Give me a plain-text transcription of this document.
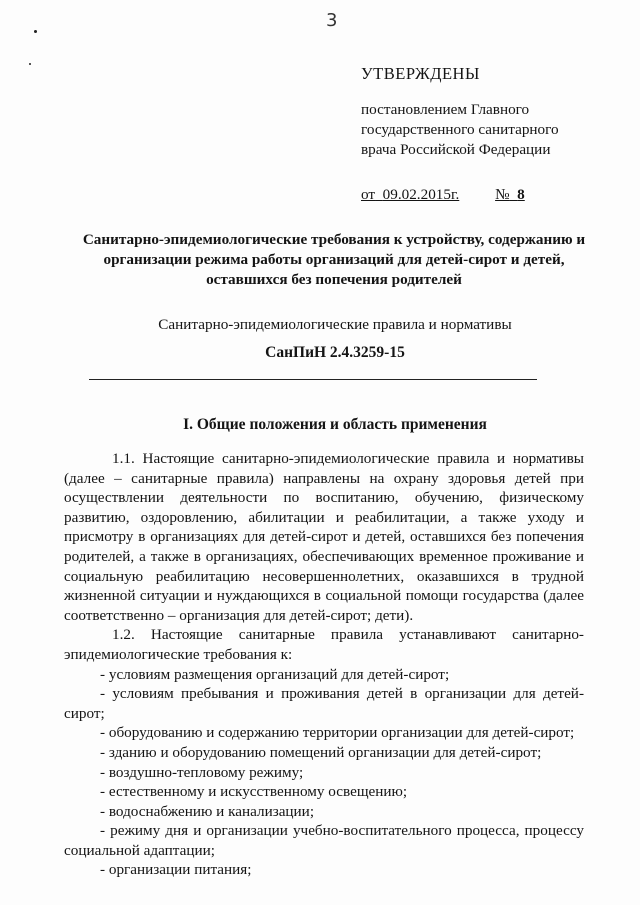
3
УТВЕРЖДЕНЫ
постановлением Главного
государственного санитарного
врача Российской Федерации
от 09.02.2015г. № 8
Санитарно-эпидемиологические требования к устройству, содержанию и
организации режима работы организаций для детей-сирот и детей,
оставшихся без попечения родителей
Санитарно-эпидемиологические правила и нормативы
СанПиН 2.4.3259-15
I. Общие положения и область применения

1.1. Настоящие санитарно-эпидемиологические правила и нормативы (далее – санитарные правила) направлены на охрану здоровья детей при осуществлении деятельности по воспитанию, обучению, физическому развитию, оздоровлению, абилитации и реабилитации, а также уходу и присмотру в организациях для детей-сирот и детей, оставшихся без попечения родителей, а также в организациях, обеспечивающих временное проживание и социальную реабилитацию несовершеннолетних, оказавшихся в трудной жизненной ситуации и нуждающихся в социальной помощи государства (далее соответственно – организация для детей-сирот; дети).

1.2. Настоящие санитарные правила устанавливают санитарно-эпидемиологические требования к:

- условиям размещения организаций для детей-сирот;

- условиям пребывания и проживания детей в организации для детей-сирот;

- оборудованию и содержанию территории организации для детей-сирот;

- зданию и оборудованию помещений организации для детей-сирот;

- воздушно-тепловому режиму;

- естественному и искусственному освещению;

- водоснабжению и канализации;

- режиму дня и организации учебно-воспитательного процесса, процессу социальной адаптации;

- организации питания;
